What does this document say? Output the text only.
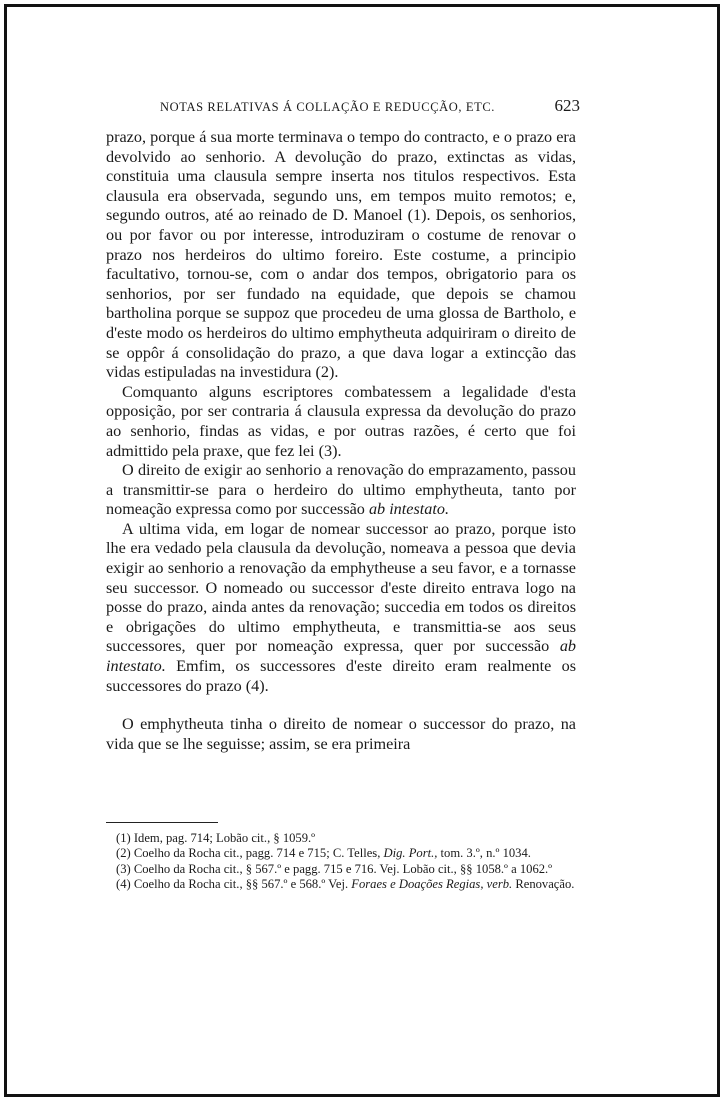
NOTAS RELATIVAS Á COLLAÇÃO E REDUCÇÃO, ETC.	623

prazo, porque á sua morte terminava o tempo do contracto, e o prazo era devolvido ao senhorio. A devolução do prazo, extinctas as vidas, constituia uma clausula sempre inserta nos titulos respectivos. Esta clausula era observada, segundo uns, em tempos muito remotos; e, segundo outros, até ao reinado de D. Manoel (1). Depois, os senhorios, ou por favor ou por interesse, introduziram o costume de renovar o prazo nos herdeiros do ultimo foreiro. Este costume, a principio facultativo, tornou-se, com o andar dos tempos, obrigatorio para os senhorios, por ser fundado na equidade, que depois se chamou bartholina porque se suppoz que procedeu de uma glossa de Bartholo, e d'este modo os herdeiros do ultimo emphytheuta adquiriram o direito de se oppôr á consolidação do prazo, a que dava logar a extincção das vidas estipuladas na investidura (2).

Comquanto alguns escriptores combatessem a legalidade d'esta opposição, por ser contraria á clausula expressa da devolução do prazo ao senhorio, findas as vidas, e por outras razões, é certo que foi admittido pela praxe, que fez lei (3).

O direito de exigir ao senhorio a renovação do emprazamento, passou a transmittir-se para o herdeiro do ultimo emphytheuta, tanto por nomeação expressa como por successão ab intestato.

A ultima vida, em logar de nomear successor ao prazo, porque isto lhe era vedado pela clausula da devolução, nomeava a pessoa que devia exigir ao senhorio a renovação da emphytheuse a seu favor, e a tornasse seu successor. O nomeado ou successor d'este direito entrava logo na posse do prazo, ainda antes da renovação; succedia em todos os direitos e obrigações do ultimo emphytheuta, e transmittia-se aos seus successores, quer por nomeação expressa, quer por successão ab intestato. Emfim, os successores d'este direito eram realmente os successores do prazo (4).

O emphytheuta tinha o direito de nomear o successor do prazo, na vida que se lhe seguisse; assim, se era primeira

(1) Idem, pag. 714; Lobão cit., § 1059.º

(2) Coelho da Rocha cit., pagg. 714 e 715; C. Telles, Dig. Port., tom. 3.º, n.º 1034.

(3) Coelho da Rocha cit., § 567.º e pagg. 715 e 716. Vej. Lobão cit., §§ 1058.º a 1062.º

(4) Coelho da Rocha cit., §§ 567.º e 568.º Vej. Foraes e Doações Regias, verb. Renovação.
